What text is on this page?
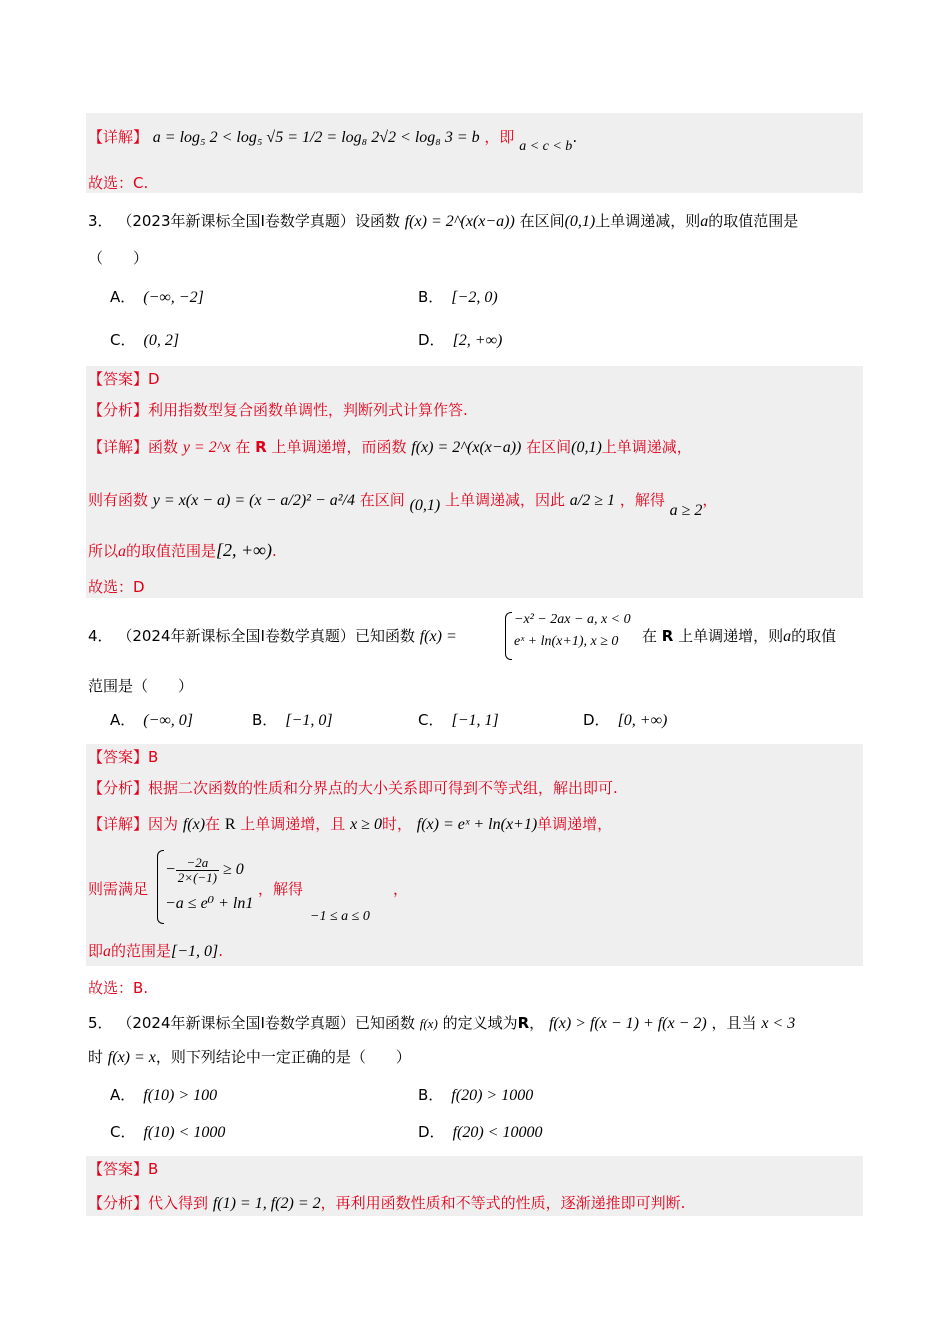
【详解】 a = log₅ 2 < log₅ √5 = 1/2 = log₈ 2√2 < log₈ 3 = b ，即 a < c < b.
故选：C.
3． （2023年新课标全国Ⅰ卷数学真题）设函数 f(x) = 2^(x(x−a)) 在区间(0,1)上单调递减，则a的取值范围是
（　　）
A． (−∞, −2]	B． [−2, 0)
C． (0, 2]	D． [2, +∞)
【答案】D
【分析】利用指数型复合函数单调性，判断列式计算作答.
【详解】函数 y = 2^x 在 R 上单调递增，而函数 f(x) = 2^(x(x−a)) 在区间(0,1)上单调递减，
则有函数 y = x(x − a) = (x − a/2)² − a²/4 在区间 (0,1) 上单调递减，因此 a/2 ≥ 1 ，解得 a ≥ 2，
所以a的取值范围是[2, +∞).
故选：D
4． （2024年新课标全国Ⅰ卷数学真题）已知函数 f(x) =
−x² − 2ax − a, x < 0
eˣ + ln(x+1), x ≥ 0	在 R 上单调递增，则a的取值
范围是（　　）
A． (−∞, 0]	B． [−1, 0]	C． [−1, 1]	D． [0, +∞)
【答案】B
【分析】根据二次函数的性质和分界点的大小关系即可得到不等式组，解出即可.
【详解】因为 f(x)在 R 上单调递增，且 x ≥ 0时， f(x) = eˣ + ln(x+1)单调递增，
则需满足
− $\frac{-2a}{2\times(-1)} \ge 0$
−a ≤ e⁰ + ln1
，解得	，
−1 ≤ a ≤ 0
即a的范围是[−1, 0].
故选：B.
5． （2024年新课标全国Ⅰ卷数学真题）已知函数 f(x) 的定义域为R， f(x) > f(x − 1) + f(x − 2) ，且当 x < 3
时 f(x) = x，则下列结论中一定正确的是（　　）
A． f(10) > 100	B． f(20) > 1000
C． f(10) < 1000	D． f(20) < 10000
【答案】B
【分析】代入得到 f(1) = 1, f(2) = 2，再利用函数性质和不等式的性质，逐渐递推即可判断.
